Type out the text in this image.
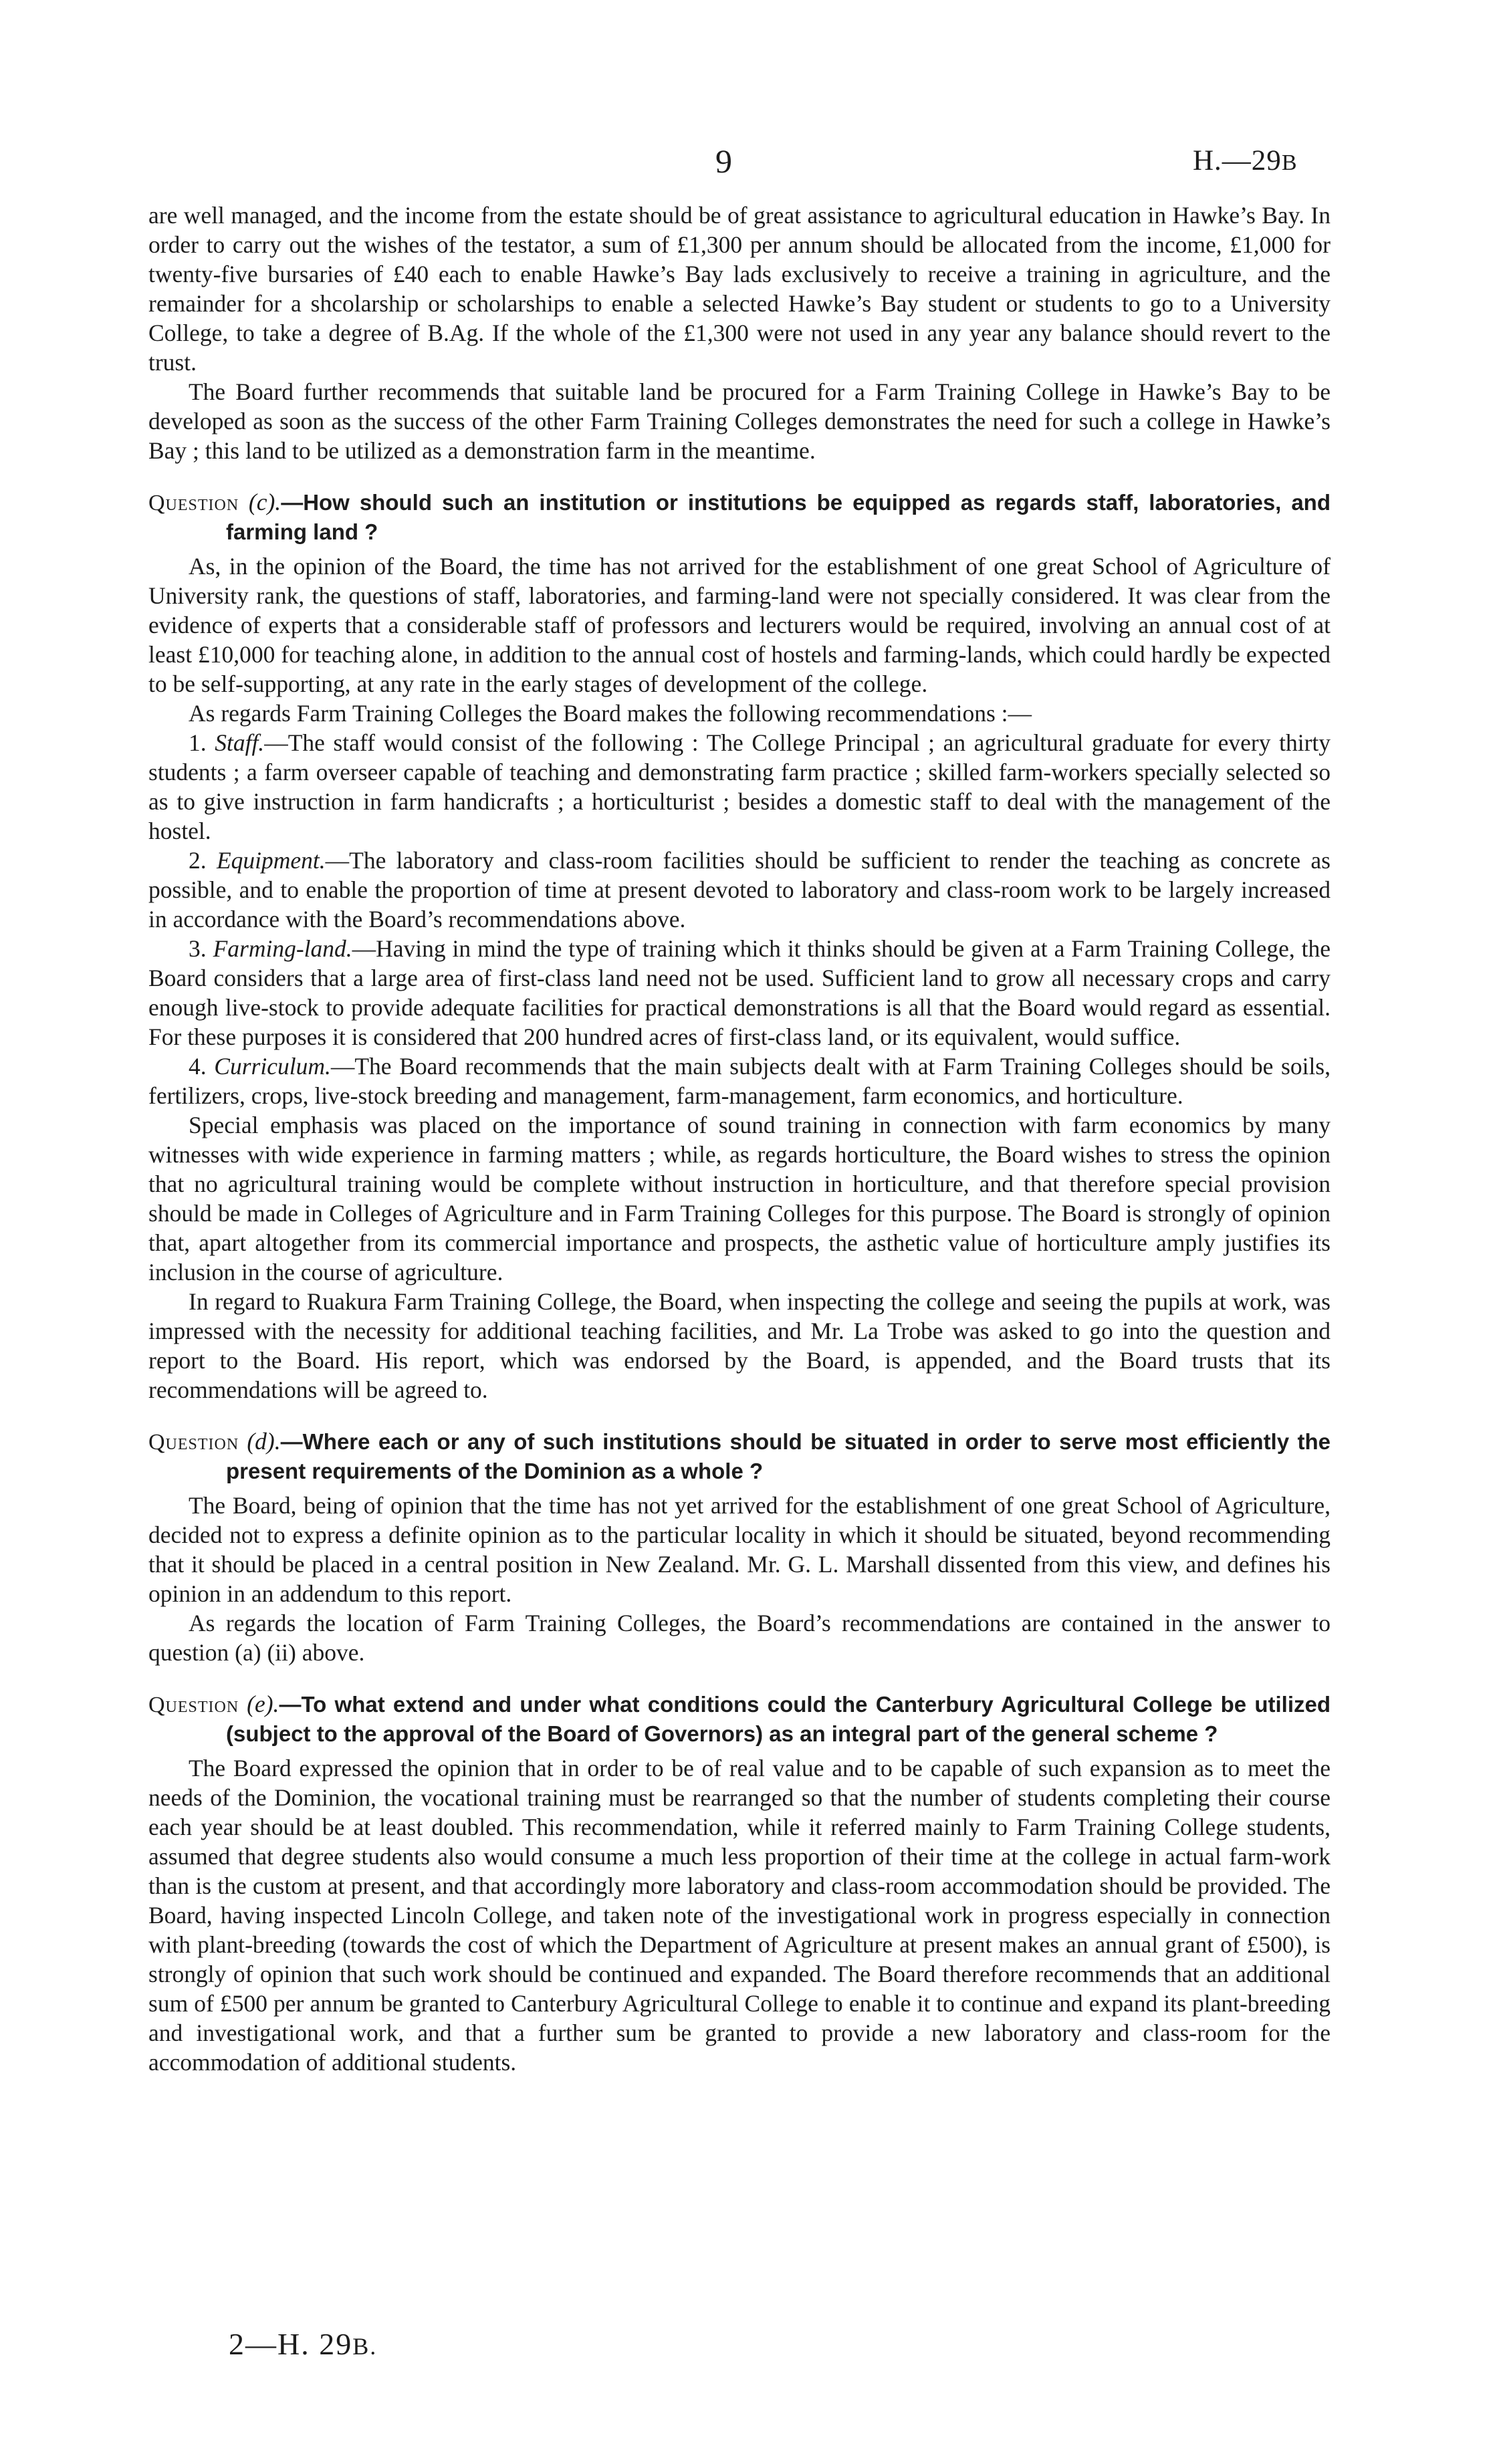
9	H.—29B

are well managed, and the income from the estate should be of great assistance to agricultural education in Hawke’s Bay. In order to carry out the wishes of the testator, a sum of £1,300 per annum should be allocated from the income, £1,000 for twenty-five bursaries of £40 each to enable Hawke’s Bay lads exclusively to receive a training in agriculture, and the remainder for a shcolarship or scholarships to enable a selected Hawke’s Bay student or students to go to a University College, to take a degree of B.Ag. If the whole of the £1,300 were not used in any year any balance should revert to the trust.

The Board further recommends that suitable land be procured for a Farm Training College in Hawke’s Bay to be developed as soon as the success of the other Farm Training Colleges demonstrates the need for such a college in Hawke’s Bay ; this land to be utilized as a demonstration farm in the meantime.

Question (c).—How should such an institution or institutions be equipped as regards staff, laboratories, and farming land ?

As, in the opinion of the Board, the time has not arrived for the establishment of one great School of Agriculture of University rank, the questions of staff, laboratories, and farming-land were not specially considered. It was clear from the evidence of experts that a considerable staff of professors and lecturers would be required, involving an annual cost of at least £10,000 for teaching alone, in addition to the annual cost of hostels and farming-lands, which could hardly be expected to be self-supporting, at any rate in the early stages of development of the college.

As regards Farm Training Colleges the Board makes the following recommendations :—

1. Staff.—The staff would consist of the following : The College Principal ; an agricultural graduate for every thirty students ; a farm overseer capable of teaching and demonstrating farm practice ; skilled farm-workers specially selected so as to give instruction in farm handicrafts ; a horticulturist ; besides a domestic staff to deal with the management of the hostel.

2. Equipment.—The laboratory and class-room facilities should be sufficient to render the teaching as concrete as possible, and to enable the proportion of time at present devoted to laboratory and class-room work to be largely increased in accordance with the Board’s recommendations above.

3. Farming-land.—Having in mind the type of training which it thinks should be given at a Farm Training College, the Board considers that a large area of first-class land need not be used. Sufficient land to grow all necessary crops and carry enough live-stock to provide adequate facilities for practical demonstrations is all that the Board would regard as essential. For these purposes it is considered that 200 hundred acres of first-class land, or its equivalent, would suffice.

4. Curriculum.—The Board recommends that the main subjects dealt with at Farm Training Colleges should be soils, fertilizers, crops, live-stock breeding and management, farm-management, farm economics, and horticulture.

Special emphasis was placed on the importance of sound training in connection with farm economics by many witnesses with wide experience in farming matters ; while, as regards horticulture, the Board wishes to stress the opinion that no agricultural training would be complete without instruction in horticulture, and that therefore special provision should be made in Colleges of Agriculture and in Farm Training Colleges for this purpose. The Board is strongly of opinion that, apart altogether from its commercial importance and prospects, the asthetic value of horticulture amply justifies its inclusion in the course of agriculture.

In regard to Ruakura Farm Training College, the Board, when inspecting the college and seeing the pupils at work, was impressed with the necessity for additional teaching facilities, and Mr. La Trobe was asked to go into the question and report to the Board. His report, which was endorsed by the Board, is appended, and the Board trusts that its recommendations will be agreed to.

Question (d).—Where each or any of such institutions should be situated in order to serve most efficiently the present requirements of the Dominion as a whole ?

The Board, being of opinion that the time has not yet arrived for the establishment of one great School of Agriculture, decided not to express a definite opinion as to the particular locality in which it should be situated, beyond recommending that it should be placed in a central position in New Zealand. Mr. G. L. Marshall dissented from this view, and defines his opinion in an addendum to this report.

As regards the location of Farm Training Colleges, the Board’s recommendations are contained in the answer to question (a) (ii) above.

Question (e).—To what extend and under what conditions could the Canterbury Agricultural College be utilized (subject to the approval of the Board of Governors) as an integral part of the general scheme ?

The Board expressed the opinion that in order to be of real value and to be capable of such expansion as to meet the needs of the Dominion, the vocational training must be rearranged so that the number of students completing their course each year should be at least doubled. This recommendation, while it referred mainly to Farm Training College students, assumed that degree students also would consume a much less proportion of their time at the college in actual farm-work than is the custom at present, and that accordingly more laboratory and class-room accommodation should be provided. The Board, having inspected Lincoln College, and taken note of the investigational work in progress especially in connection with plant-breeding (towards the cost of which the Department of Agriculture at present makes an annual grant of £500), is strongly of opinion that such work should be continued and expanded. The Board therefore recommends that an additional sum of £500 per annum be granted to Canterbury Agricultural College to enable it to continue and expand its plant-breeding and investigational work, and that a further sum be granted to provide a new laboratory and class-room for the accommodation of additional students.

2—H. 29B.
